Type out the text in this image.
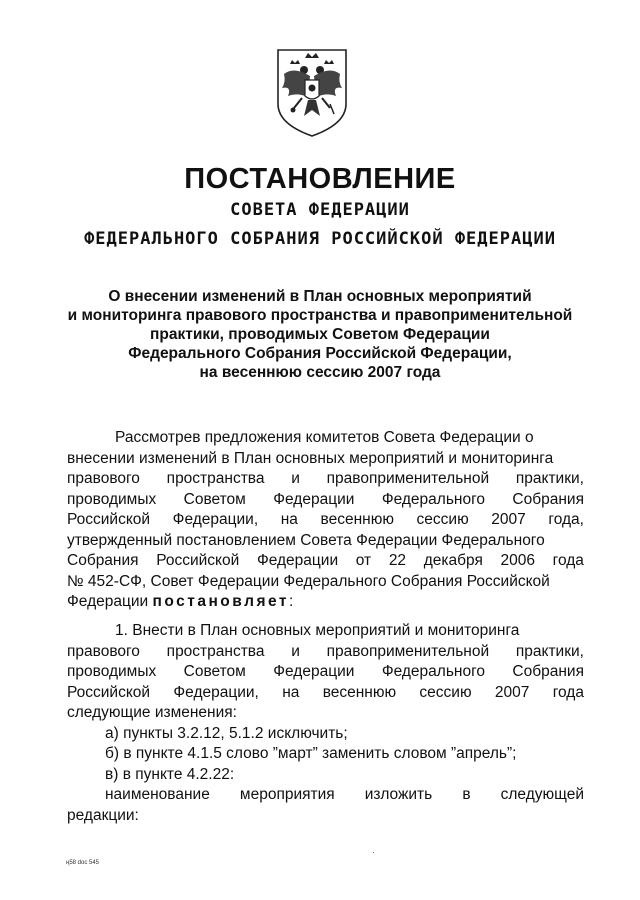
ПОСТАНОВЛЕНИЕ
СОВЕТА ФЕДЕРАЦИИ
ФЕДЕРАЛЬНОГО СОБРАНИЯ РОССИЙСКОЙ ФЕДЕРАЦИИ
О внесении изменений в План основных мероприятий
и мониторинга правового пространства и правоприменительной
практики, проводимых Советом Федерации
Федерального Собрания Российской Федерации,
на весеннюю сессию 2007 года
Рассмотрев предложения комитетов Совета Федерации о
внесении изменений в План основных мероприятий и мониторинга
правового пространства и правоприменительной практики,
проводимых Советом Федерации Федерального Собрания
Российской Федерации, на весеннюю сессию 2007 года,
утвержденный постановлением Совета Федерации Федерального
Собрания Российской Федерации от 22 декабря 2006 года
№ 452-СФ, Совет Федерации Федерального Собрания Российской
Федерации постановляет:
1. Внести в План основных мероприятий и мониторинга
правового пространства и правоприменительной практики,
проводимых Советом Федерации Федерального Собрания
Российской Федерации, на весеннюю сессию 2007 года
следующие изменения:
а) пункты 3.2.12, 5.1.2 исключить;
б) в пункте 4.1.5 слово ”март” заменить словом ”апрель”;
в) в пункте 4.2.22:
наименование мероприятия изложить в следующей
редакции:
ң58 doc 545
